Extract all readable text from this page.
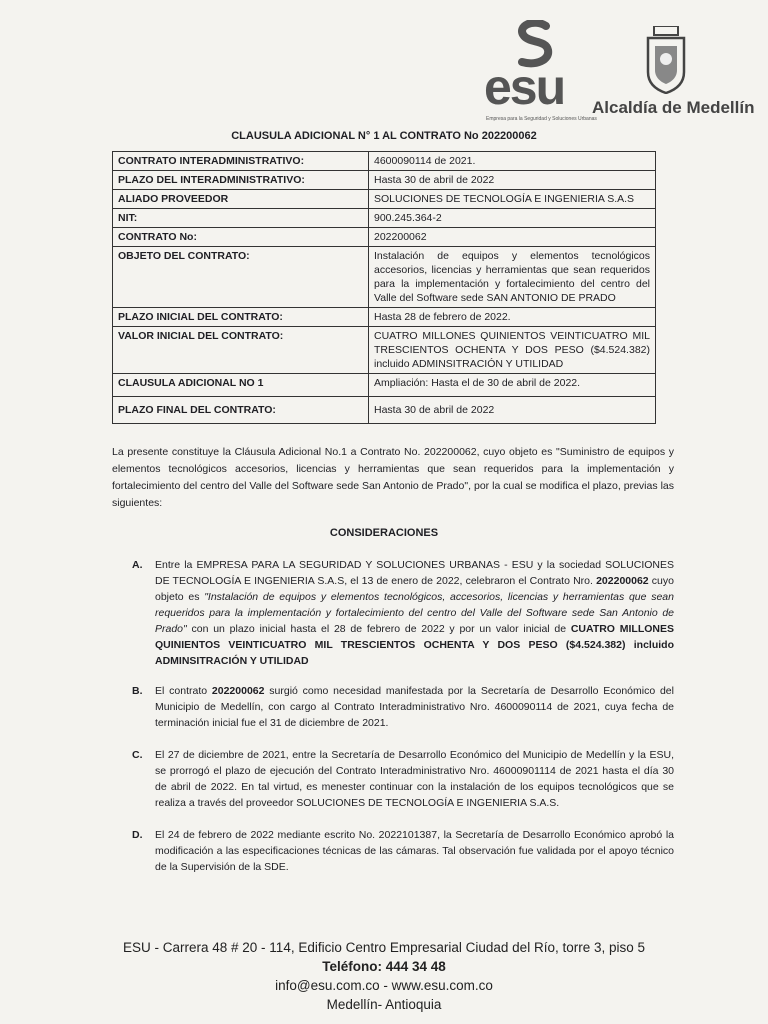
esu
Empresa para la Seguridad y Soluciones Urbanas
Alcaldía de Medellín
CLAUSULA ADICIONAL N° 1 AL CONTRATO No 202200062
CONTRATO INTERADMINISTRATIVO:	4600090114 de 2021.
PLAZO DEL INTERADMINISTRATIVO:	Hasta 30 de abril de 2022
ALIADO PROVEEDOR	SOLUCIONES DE TECNOLOGÍA E INGENIERIA S.A.S
NIT:	900.245.364-2
CONTRATO No:	202200062
OBJETO DEL CONTRATO:	Instalación de equipos y elementos tecnológicos accesorios, licencias y herramientas que sean requeridos para la implementación y fortalecimiento del centro del Valle del Software sede SAN ANTONIO DE PRADO
PLAZO INICIAL DEL CONTRATO:	Hasta 28 de febrero de 2022.
VALOR INICIAL DEL CONTRATO:	CUATRO MILLONES QUINIENTOS VEINTICUATRO MIL TRESCIENTOS OCHENTA Y DOS PESO ($4.524.382) incluido ADMINSITRACIÓN Y UTILIDAD
CLAUSULA ADICIONAL NO 1	Ampliación: Hasta el de 30 de abril de 2022.
PLAZO FINAL DEL CONTRATO:	Hasta 30 de abril de 2022
La presente constituye la Cláusula Adicional No.1 a Contrato No. 202200062, cuyo objeto es "Suministro de equipos y elementos tecnológicos accesorios, licencias y herramientas que sean requeridos para la implementación y fortalecimiento del centro del Valle del Software sede San Antonio de Prado", por la cual se modifica el plazo, previas las siguientes:
CONSIDERACIONES
A. Entre la EMPRESA PARA LA SEGURIDAD Y SOLUCIONES URBANAS - ESU y la sociedad SOLUCIONES DE TECNOLOGÍA E INGENIERIA S.A.S, el 13 de enero de 2022, celebraron el Contrato Nro. 202200062 cuyo objeto es "Instalación de equipos y elementos tecnológicos, accesorios, licencias y herramientas que sean requeridos para la implementación y fortalecimiento del centro del Valle del Software sede San Antonio de Prado" con un plazo inicial hasta el 28 de febrero de 2022 y por un valor inicial de CUATRO MILLONES QUINIENTOS VEINTICUATRO MIL TRESCIENTOS OCHENTA Y DOS PESO ($4.524.382) incluido ADMINSITRACIÓN Y UTILIDAD
B. El contrato 202200062 surgió como necesidad manifestada por la Secretaría de Desarrollo Económico del Municipio de Medellín, con cargo al Contrato Interadministrativo Nro. 4600090114 de 2021, cuya fecha de terminación inicial fue el 31 de diciembre de 2021.
C. El 27 de diciembre de 2021, entre la Secretaría de Desarrollo Económico del Municipio de Medellín y la ESU, se prorrogó el plazo de ejecución del Contrato Interadministrativo Nro. 46000901114 de 2021 hasta el día 30 de abril de 2022. En tal virtud, es menester continuar con la instalación de los equipos tecnológicos que se realiza a través del proveedor SOLUCIONES DE TECNOLOGÍA E INGENIERIA S.A.S.
D. El 24 de febrero de 2022 mediante escrito No. 2022101387, la Secretaría de Desarrollo Económico aprobó la modificación a las especificaciones técnicas de las cámaras. Tal observación fue validada por el apoyo técnico de la Supervisión de la SDE.
ESU - Carrera 48 # 20 - 114, Edificio Centro Empresarial Ciudad del Río, torre 3, piso 5
Teléfono: 444 34 48
info@esu.com.co - www.esu.com.co
Medellín- Antioquia
